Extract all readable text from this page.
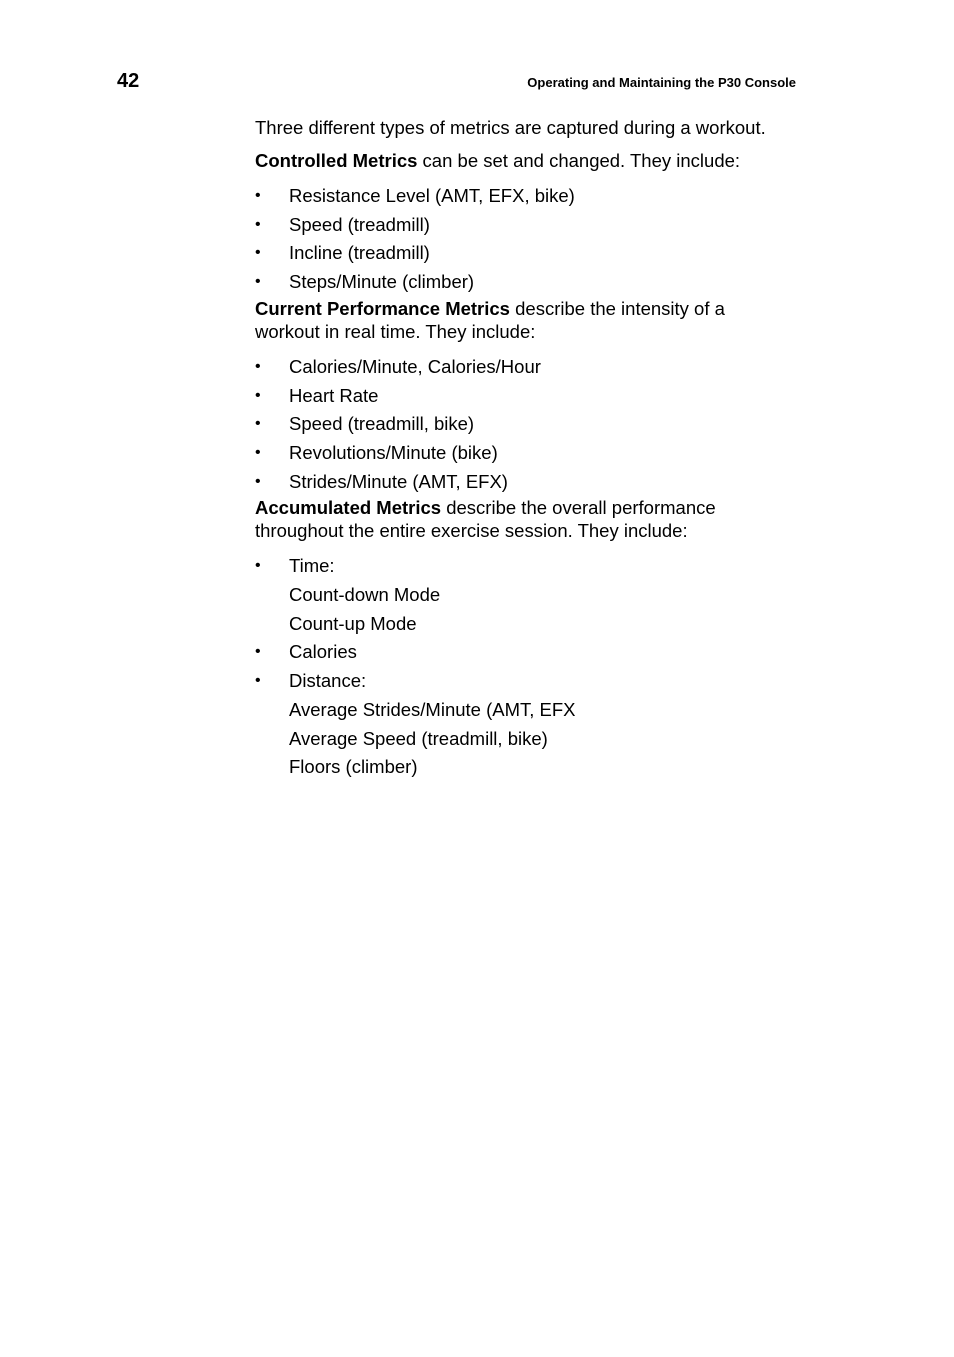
42	Operating and Maintaining the P30 Console

Three different types of metrics are captured during a workout.

Controlled Metrics can be set and changed. They include:

• Resistance Level (AMT, EFX, bike)
• Speed (treadmill)
• Incline (treadmill)
• Steps/Minute (climber)

Current Performance Metrics describe the intensity of a workout in real time. They include:

• Calories/Minute, Calories/Hour
• Heart Rate
• Speed (treadmill, bike)
• Revolutions/Minute (bike)
• Strides/Minute (AMT, EFX)

Accumulated Metrics describe the overall performance throughout the entire exercise session. They include:

• Time:
Count-down Mode
Count-up Mode
• Calories
• Distance:
Average Strides/Minute (AMT, EFX
Average Speed (treadmill, bike)
Floors (climber)
